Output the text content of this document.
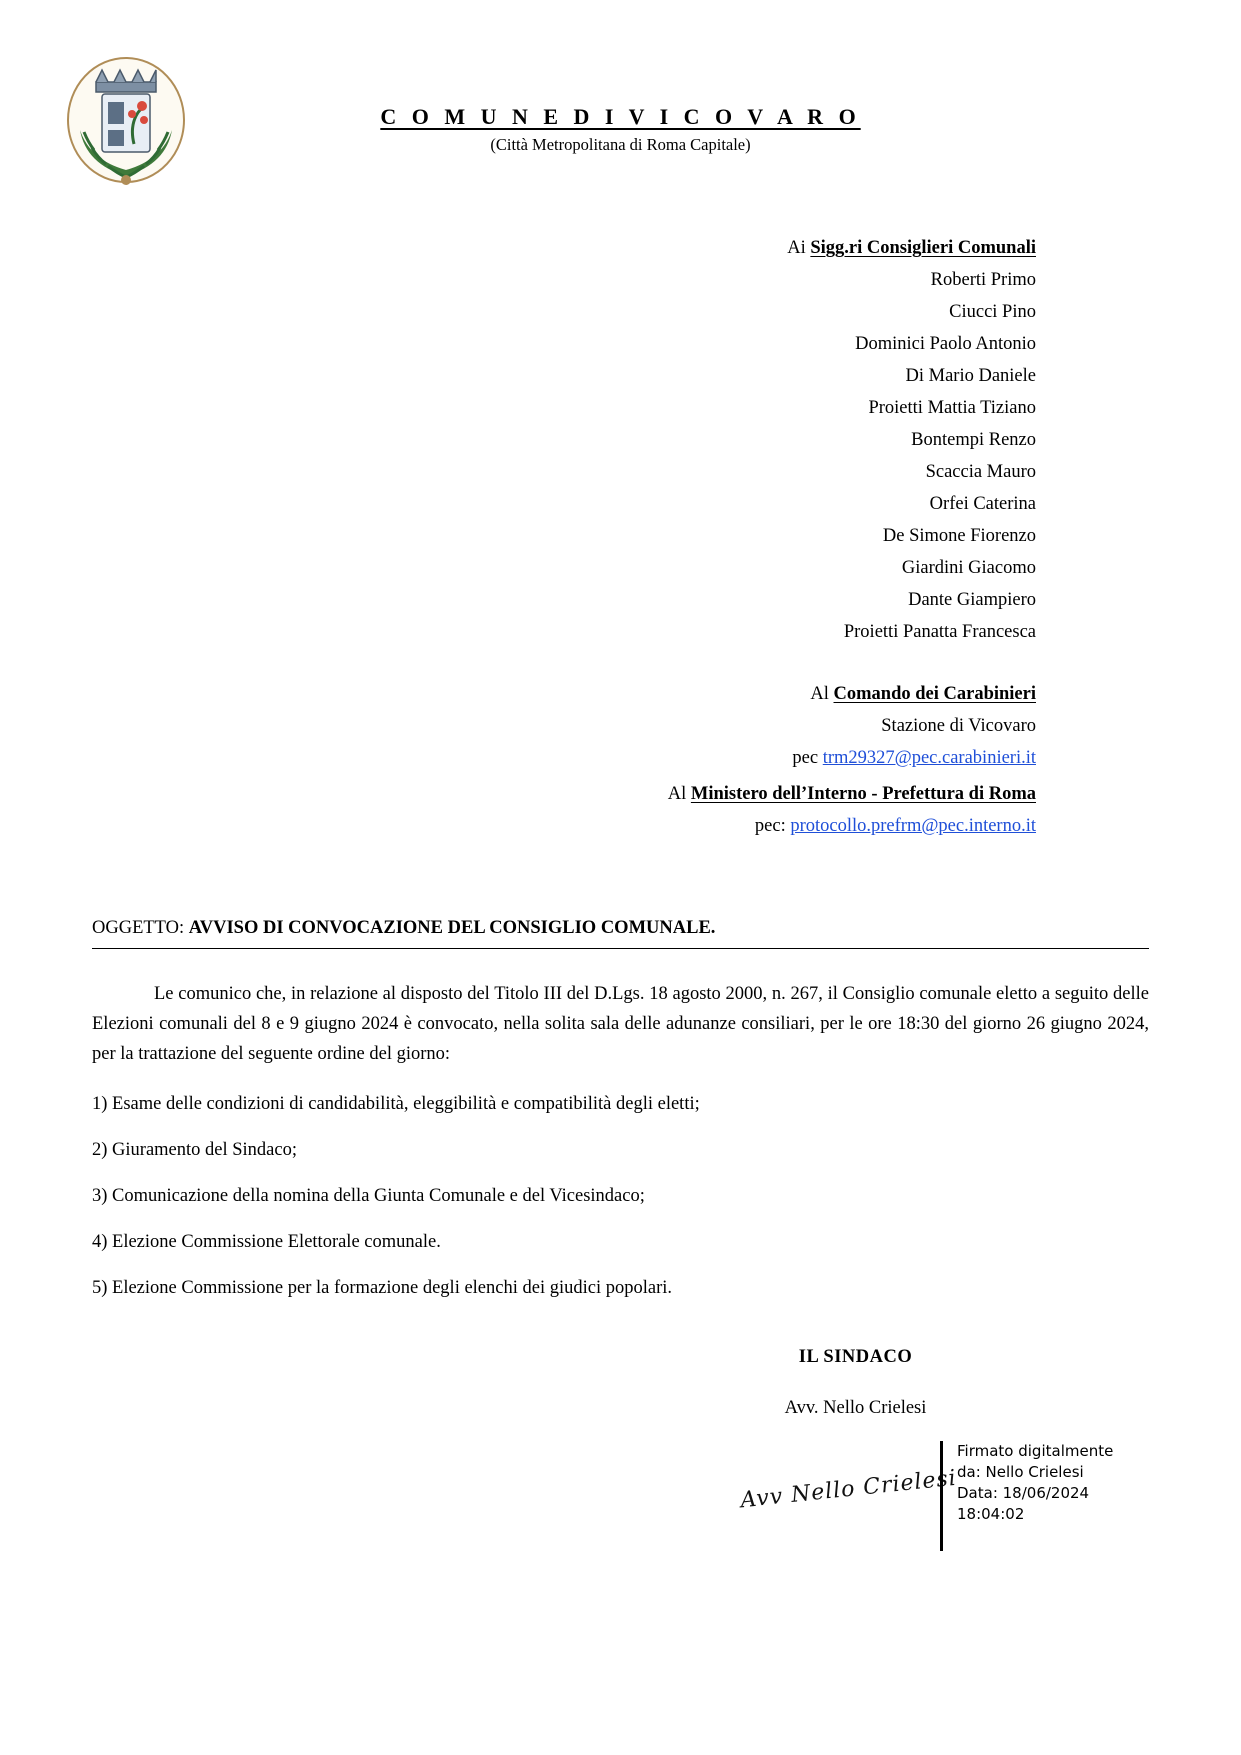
C O M U N E D I V I C O V A R O
(Città Metropolitana di Roma Capitale)
Ai Sigg.ri Consiglieri Comunali
Roberti Primo
Ciucci Pino
Dominici Paolo Antonio
Di Mario Daniele
Proietti Mattia Tiziano
Bontempi Renzo
Scaccia Mauro
Orfei Caterina
De Simone Fiorenzo
Giardini Giacomo
Dante Giampiero
Proietti Panatta Francesca
Al Comando dei Carabinieri
Stazione di Vicovaro
pec trm29327@pec.carabinieri.it
Al Ministero dell’Interno - Prefettura di Roma
pec: protocollo.prefrm@pec.interno.it
OGGETTO: AVVISO DI CONVOCAZIONE DEL CONSIGLIO COMUNALE.

Le comunico che, in relazione al disposto del Titolo III del D.Lgs. 18 agosto 2000, n. 267, il Consiglio comunale eletto a seguito delle Elezioni comunali del 8 e 9 giugno 2024 è convocato, nella solita sala delle adunanze consiliari, per le ore 18:30 del giorno 26 giugno 2024, per la trattazione del seguente ordine del giorno:

1) Esame delle condizioni di candidabilità, eleggibilità e compatibilità degli eletti;
2) Giuramento del Sindaco;
3) Comunicazione della nomina della Giunta Comunale e del Vicesindaco;
4) Elezione Commissione Elettorale comunale.
5) Elezione Commissione per la formazione degli elenchi dei giudici popolari.
IL SINDACO
Avv. Nello Crielesi
Avv Nello Crielesi
Firmato digitalmente
da: Nello Crielesi
Data: 18/06/2024
18:04:02
